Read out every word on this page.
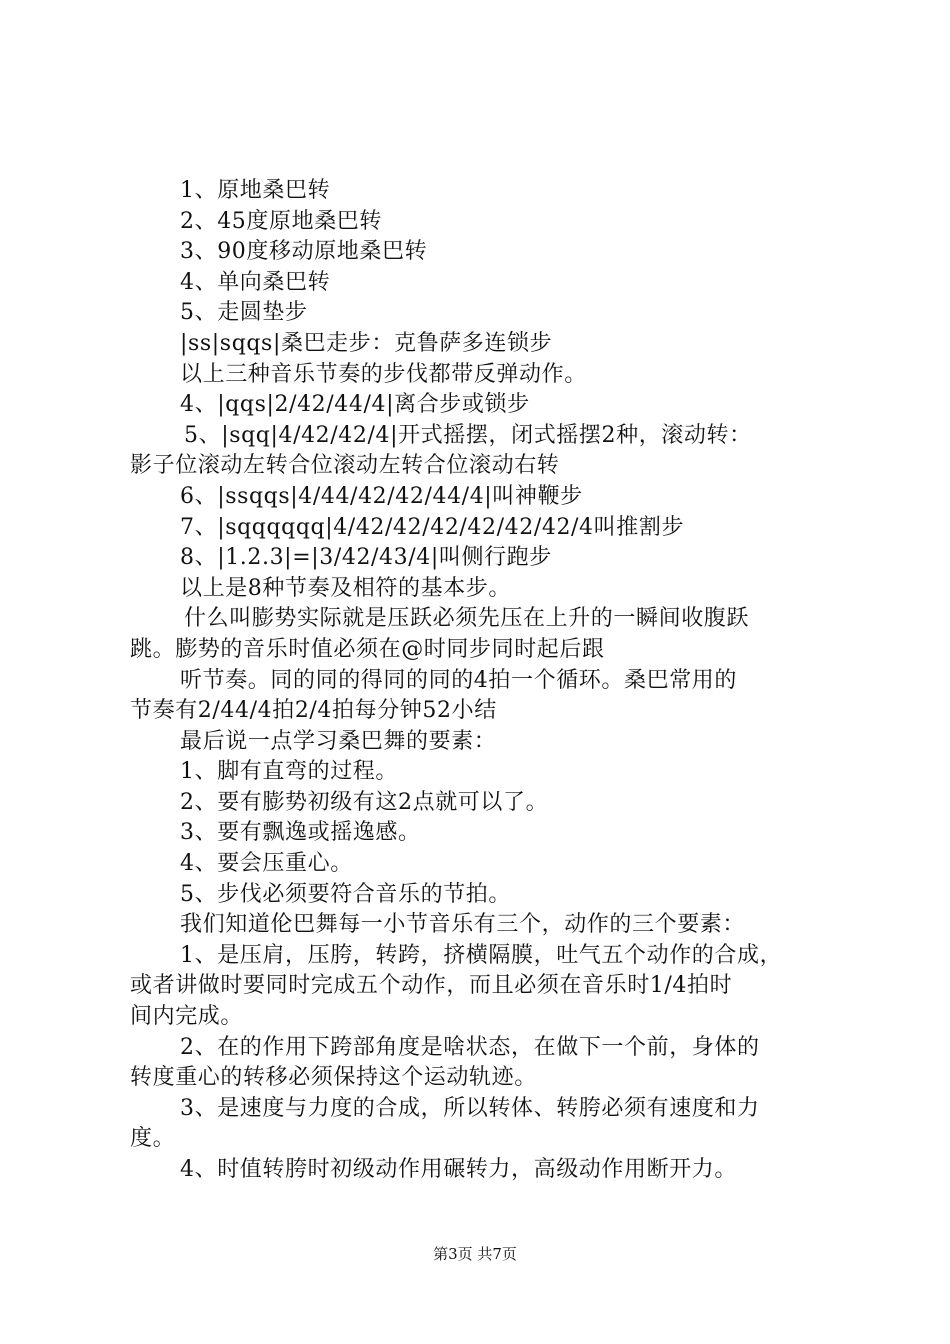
1、原地桑巴转
2、45度原地桑巴转
3、90度移动原地桑巴转
4、单向桑巴转
5、走圆垫步
|ss|sqqs|桑巴走步：克鲁萨多连锁步
以上三种音乐节奏的步伐都带反弹动作。
4、|qqs|2/42/44/4|离合步或锁步
5、|sqq|4/42/42/4|开式摇摆，闭式摇摆2种，滚动转：
影子位滚动左转合位滚动左转合位滚动右转
6、|ssqqs|4/44/42/42/44/4|叫神鞭步
7、|sqqqqqq|4/42/42/42/42/42/42/4叫推割步
8、|1.2.3|=|3/42/43/4|叫侧行跑步
以上是8种节奏及相符的基本步。
什么叫膨势实际就是压跃必须先压在上升的一瞬间收腹跃
跳。膨势的音乐时值必须在@时同步同时起后跟
听节奏。同的同的得同的同的4拍一个循环。桑巴常用的
节奏有2/44/4拍2/4拍每分钟52小结
最后说一点学习桑巴舞的要素：
1、脚有直弯的过程。
2、要有膨势初级有这2点就可以了。
3、要有飘逸或摇逸感。
4、要会压重心。
5、步伐必须要符合音乐的节拍。
我们知道伦巴舞每一小节音乐有三个，动作的三个要素：
1、是压肩，压胯，转跨，挤横隔膜，吐气五个动作的合成，
或者讲做时要同时完成五个动作，而且必须在音乐时1/4拍时
间内完成。
2、在的作用下跨部角度是啥状态，在做下一个前，身体的
转度重心的转移必须保持这个运动轨迹。
3、是速度与力度的合成，所以转体、转胯必须有速度和力
度。
4、时值转胯时初级动作用碾转力，高级动作用断开力。
第3页 共7页
